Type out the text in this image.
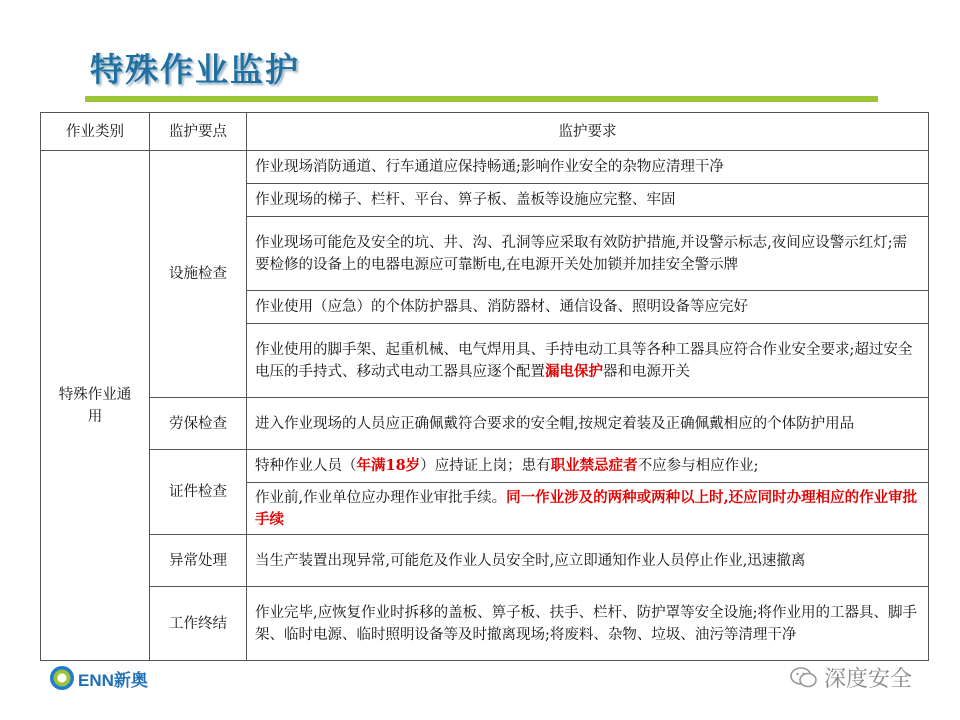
特殊作业监护
作业类别	监护要点	监护要求
特殊作业通用	设施检查	作业现场消防通道、行车通道应保持畅通;影响作业安全的杂物应清理干净
		作业现场的梯子、栏杆、平台、箅子板、盖板等设施应完整、牢固
		作业现场可能危及安全的坑、井、沟、孔洞等应采取有效防护措施,并设警示标志,夜间应设警示红灯;需要检修的设备上的电器电源应可靠断电,在电源开关处加锁并加挂安全警示牌
		作业使用（应急）的个体防护器具、消防器材、通信设备、照明设备等应完好
		作业使用的脚手架、起重机械、电气焊用具、手持电动工具等各种工器具应符合作业安全要求;超过安全电压的手持式、移动式电动工器具应逐个配置漏电保护器和电源开关
	劳保检查	进入作业现场的人员应正确佩戴符合要求的安全帽,按规定着装及正确佩戴相应的个体防护用品
	证件检查	特种作业人员（年满18岁）应持证上岗；患有职业禁忌症者不应参与相应作业;
		作业前,作业单位应办理作业审批手续。同一作业涉及的两种或两种以上时,还应同时办理相应的作业审批手续
	异常处理	当生产装置出现异常,可能危及作业人员安全时,应立即通知作业人员停止作业,迅速撤离
	工作终结	作业完毕,应恢复作业时拆移的盖板、箅子板、扶手、栏杆、防护罩等安全设施;将作业用的工器具、脚手架、临时电源、临时照明设备等及时撤离现场;将废料、杂物、垃圾、油污等清理干净
ENN新奥	深度安全
